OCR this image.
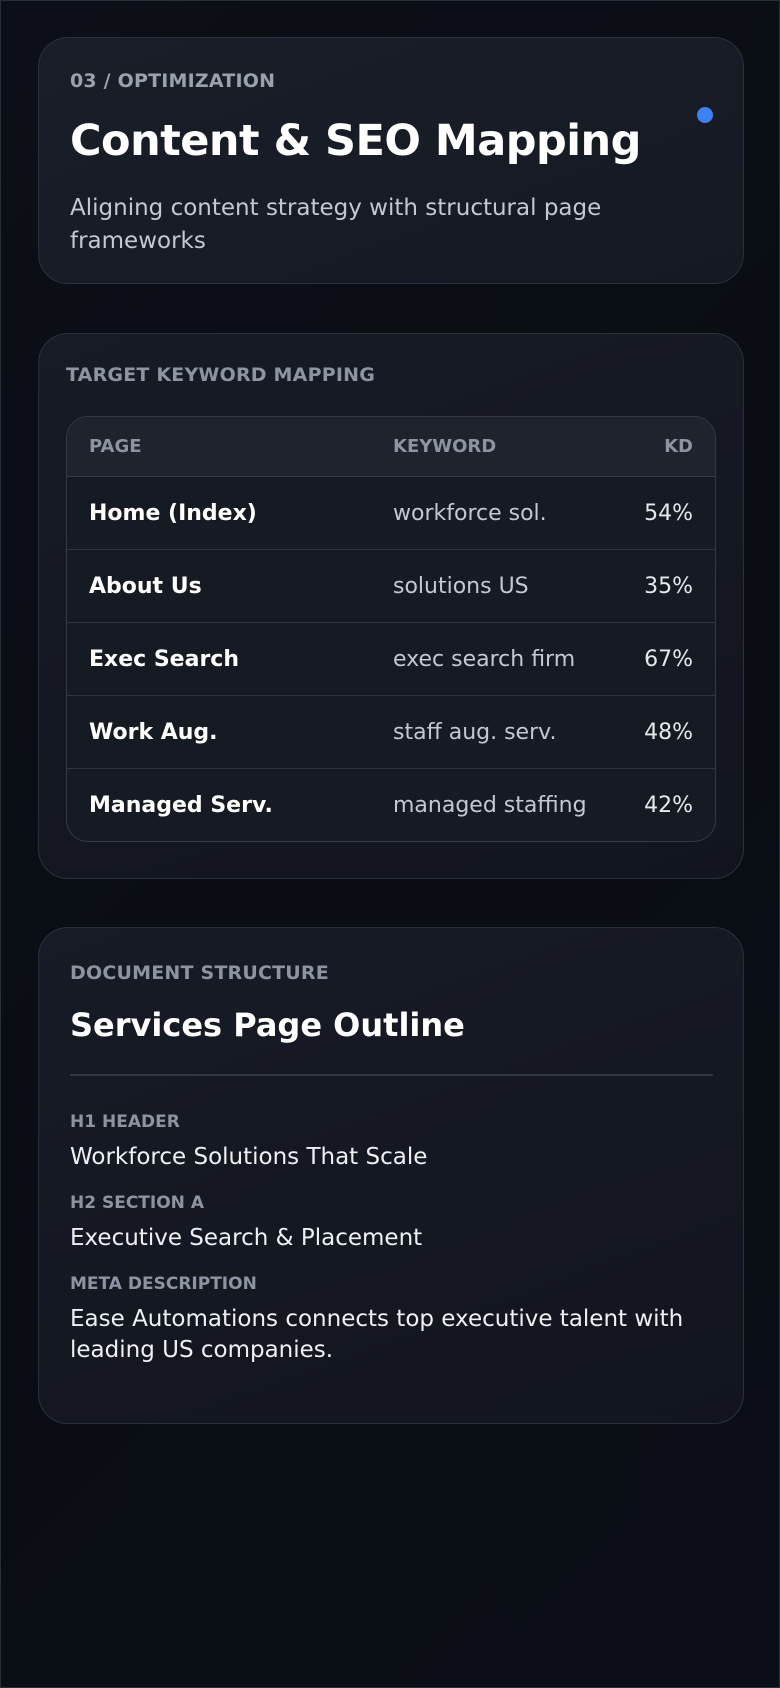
03 / OPTIMIZATION
Content & SEO Mapping
Aligning content strategy with structural page frameworks
TARGET KEYWORD MAPPING
PAGE	KEYWORD	KD
Home (Index)	workforce sol.	54%
About Us	solutions US	35%
Exec Search	exec search firm	67%
Work Aug.	staff aug. serv.	48%
Managed Serv.	managed staffing	42%
DOCUMENT STRUCTURE
Services Page Outline
H1 HEADER
Workforce Solutions That Scale
H2 SECTION A
Executive Search & Placement
META DESCRIPTION
Ease Automations connects top executive talent with leading US companies.
